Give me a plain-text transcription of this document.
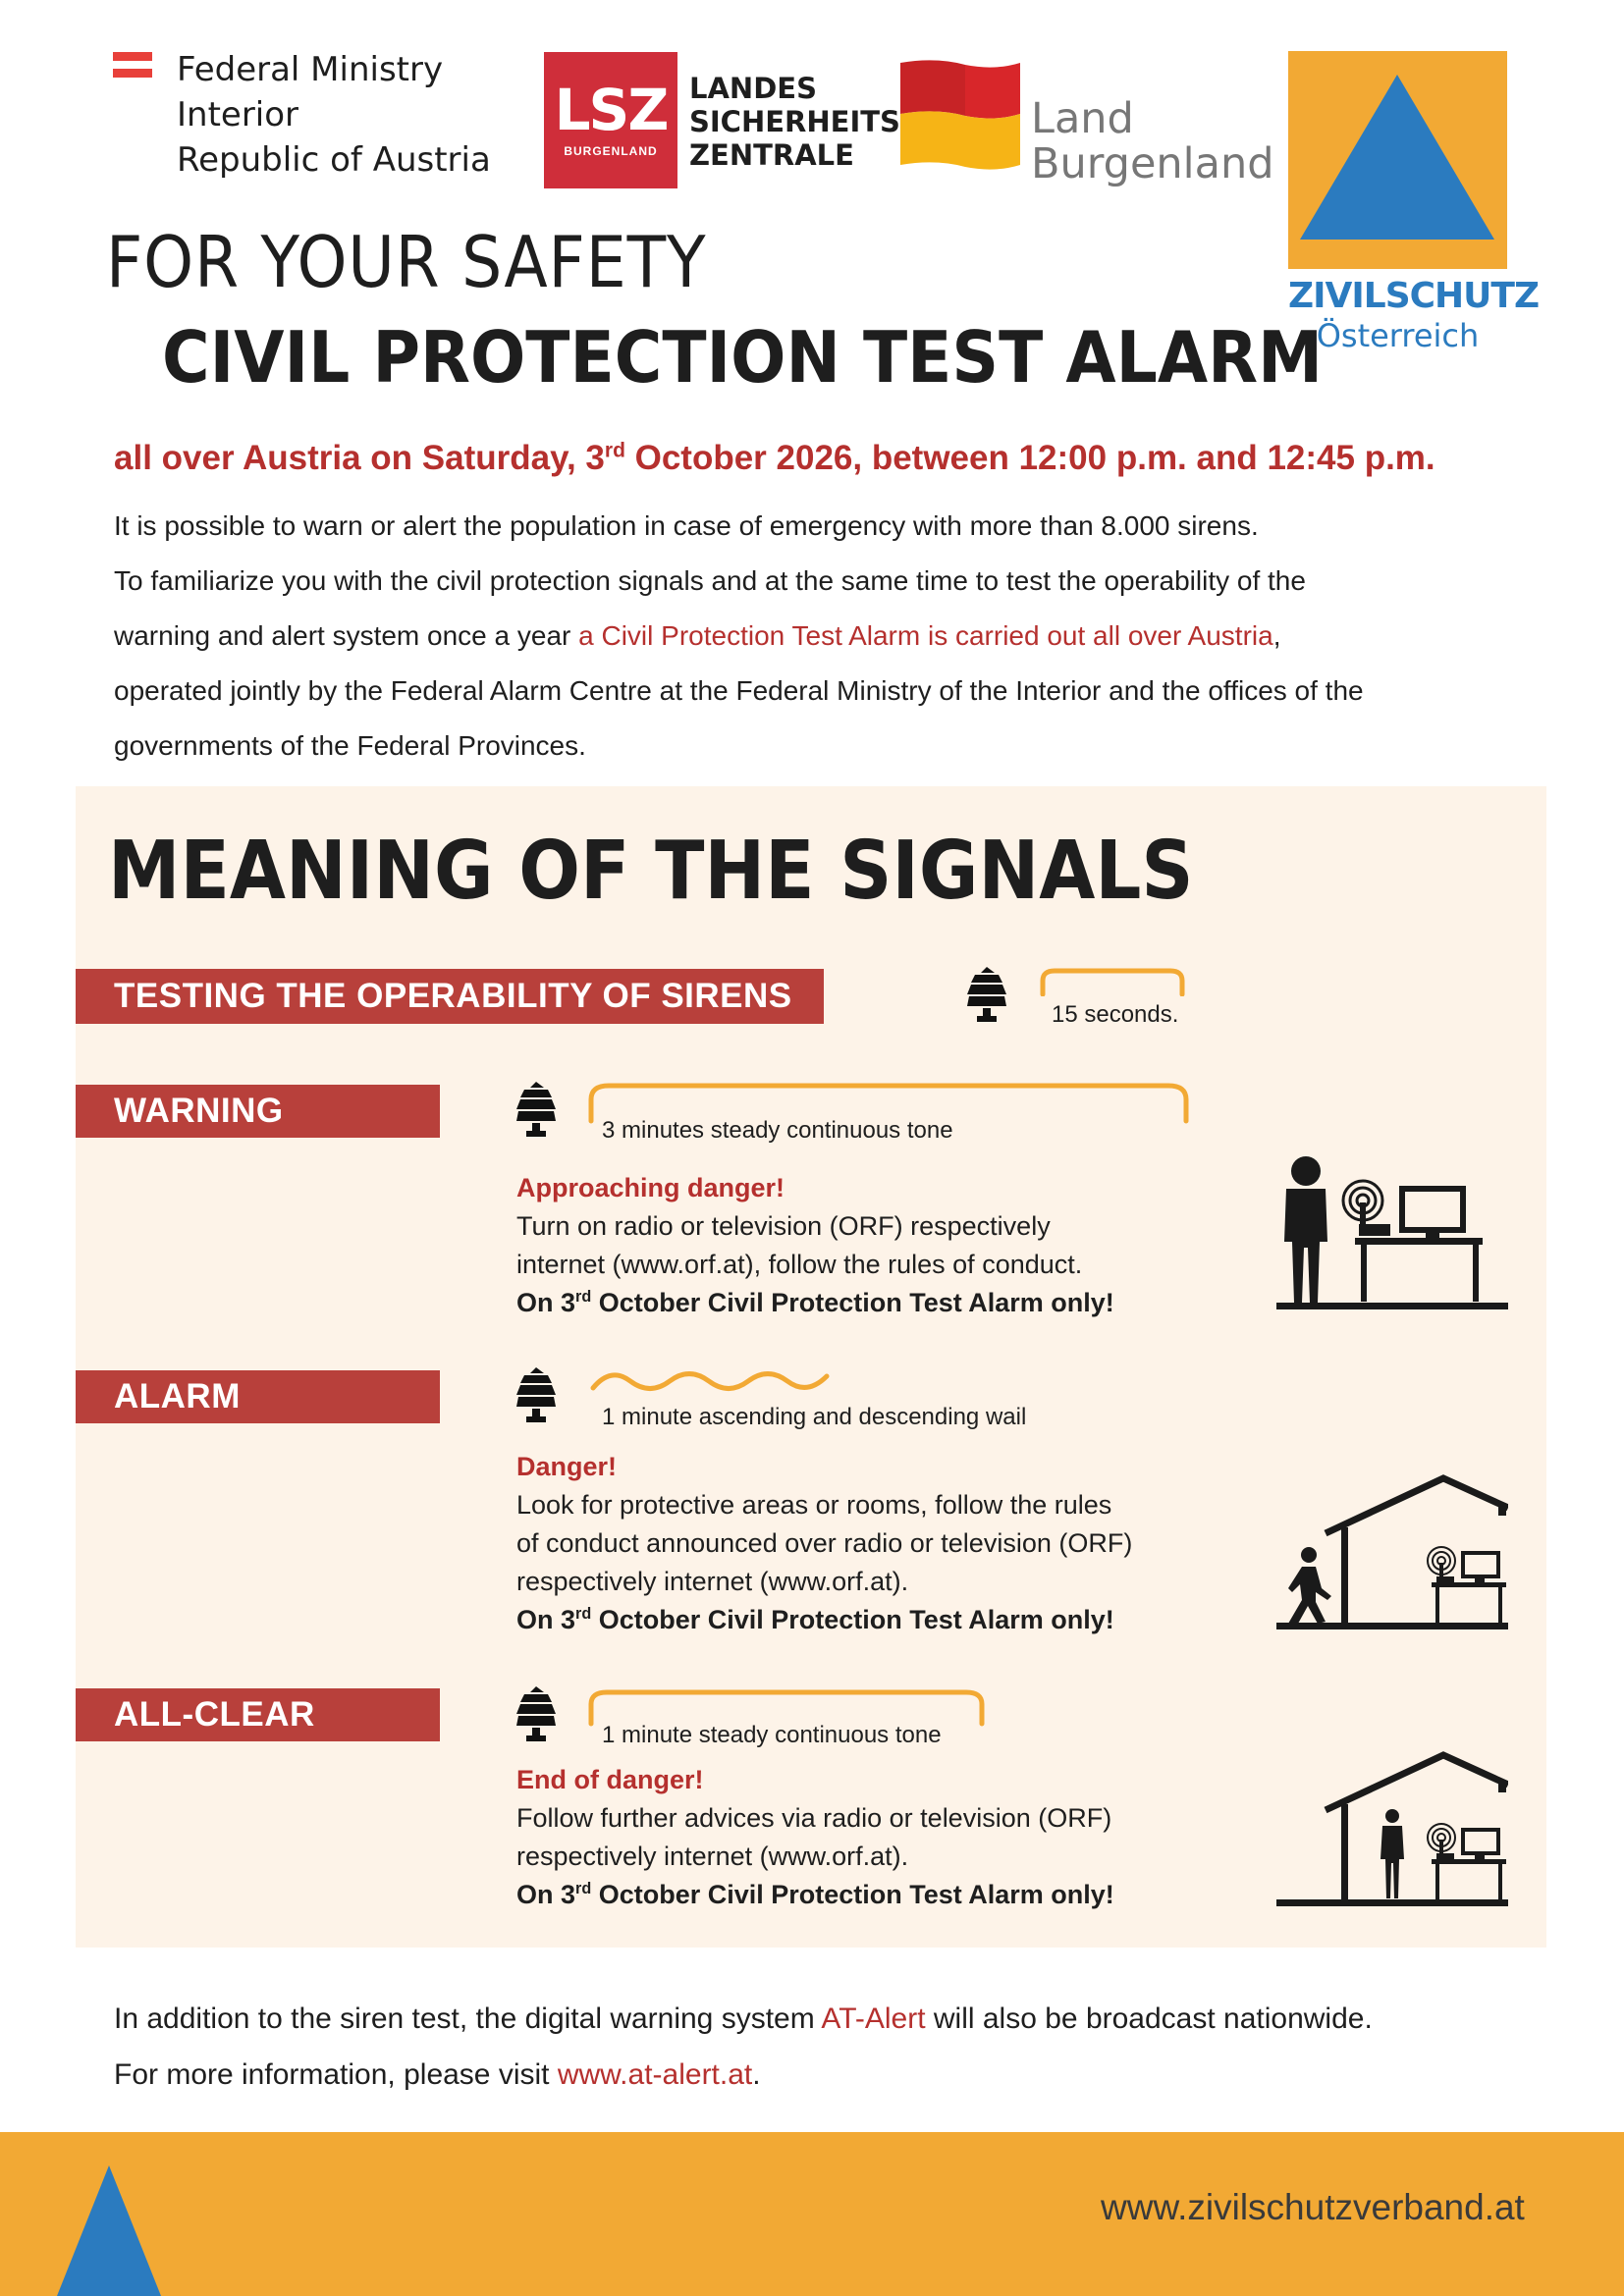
Federal Ministry
Interior
Republic of Austria
LSZ
BURGENLAND
LANDES
SICHERHEITS
ZENTRALE
Land
Burgenland
ZIVILSCHUTZ
Österreich
FOR YOUR SAFETY
CIVIL PROTECTION TEST ALARM
all over Austria on Saturday, 3rd October 2026, between 12:00 p.m. and 12:45 p.m.
It is possible to warn or alert the population in case of emergency with more than 8.000 sirens.
To familiarize you with the civil protection signals and at the same time to test the operability of the
warning and alert system once a year a Civil Protection Test Alarm is carried out all over Austria,
operated jointly by the Federal Alarm Centre at the Federal Ministry of the Interior and the offices of the
governments of the Federal Provinces.
MEANING OF THE SIGNALS
TESTING THE OPERABILITY OF SIRENS	15 seconds.
WARNING
3 minutes steady continuous tone
Approaching danger!
Turn on radio or television (ORF) respectively
internet (www.orf.at), follow the rules of conduct.
On 3rd October Civil Protection Test Alarm only!
ALARM
1 minute ascending and descending wail
Danger!
Look for protective areas or rooms, follow the rules
of conduct announced over radio or television (ORF)
respectively internet (www.orf.at).
On 3rd October Civil Protection Test Alarm only!
ALL-CLEAR
1 minute steady continuous tone
End of danger!
Follow further advices via radio or television (ORF)
respectively internet (www.orf.at).
On 3rd October Civil Protection Test Alarm only!
In addition to the siren test, the digital warning system AT-Alert will also be broadcast nationwide.
For more information, please visit www.at-alert.at.
www.zivilschutzverband.at
